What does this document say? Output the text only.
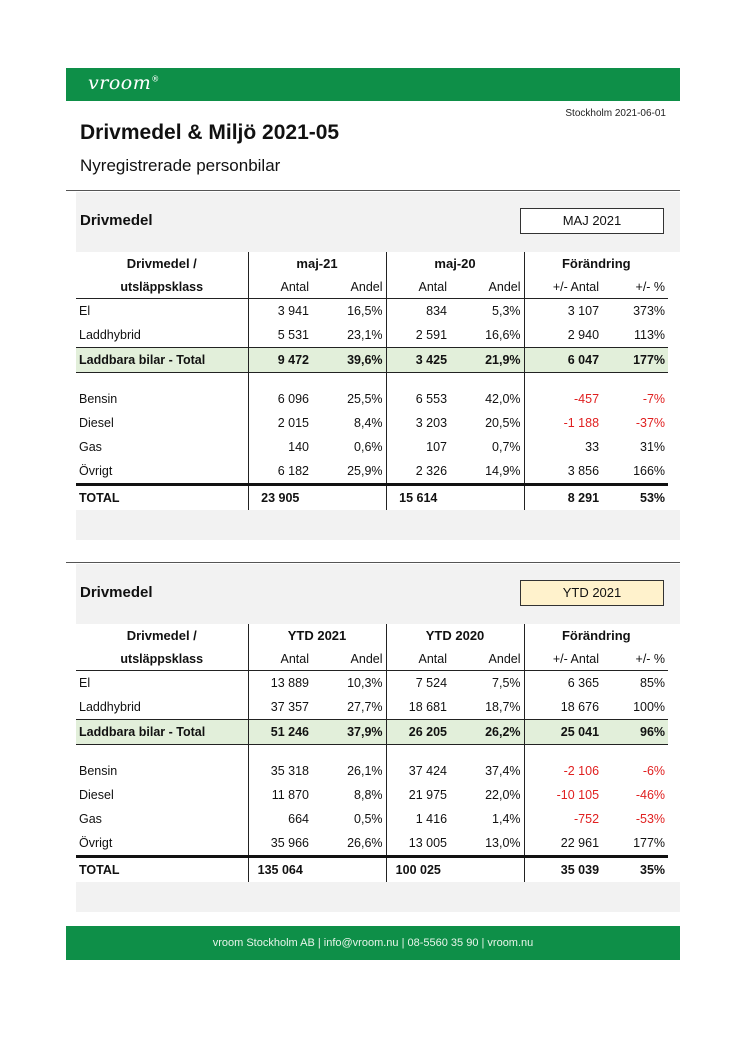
vroom®
Stockholm 2021-06-01
Drivmedel & Miljö 2021-05
Nyregistrerade personbilar
Drivmedel	MAJ 2021
Drivmedel /	maj-21		maj-20		Förändring	
utsläppsklass	Antal	Andel	Antal	Andel	+/- Antal	+/- %
El	3 941	16,5%	834	5,3%	3 107	373%
Laddhybrid	5 531	23,1%	2 591	16,6%	2 940	113%
Laddbara bilar - Total	9 472	39,6%	3 425	21,9%	6 047	177%

Bensin	6 096	25,5%	6 553	42,0%	-457	-7%
Diesel	2 015	8,4%	3 203	20,5%	-1 188	-37%
Gas	140	0,6%	107	0,7%	33	31%
Övrigt	6 182	25,9%	2 326	14,9%	3 856	166%
TOTAL	23 905		15 614		8 291	53%
Drivmedel	YTD 2021
Drivmedel /	YTD 2021		YTD 2020		Förändring	
utsläppsklass	Antal	Andel	Antal	Andel	+/- Antal	+/- %
El	13 889	10,3%	7 524	7,5%	6 365	85%
Laddhybrid	37 357	27,7%	18 681	18,7%	18 676	100%
Laddbara bilar - Total	51 246	37,9%	26 205	26,2%	25 041	96%

Bensin	35 318	26,1%	37 424	37,4%	-2 106	-6%
Diesel	11 870	8,8%	21 975	22,0%	-10 105	-46%
Gas	664	0,5%	1 416	1,4%	-752	-53%
Övrigt	35 966	26,6%	13 005	13,0%	22 961	177%
TOTAL	135 064		100 025		35 039	35%
vroom Stockholm AB | info@vroom.nu | 08-5560 35 90 | vroom.nu
